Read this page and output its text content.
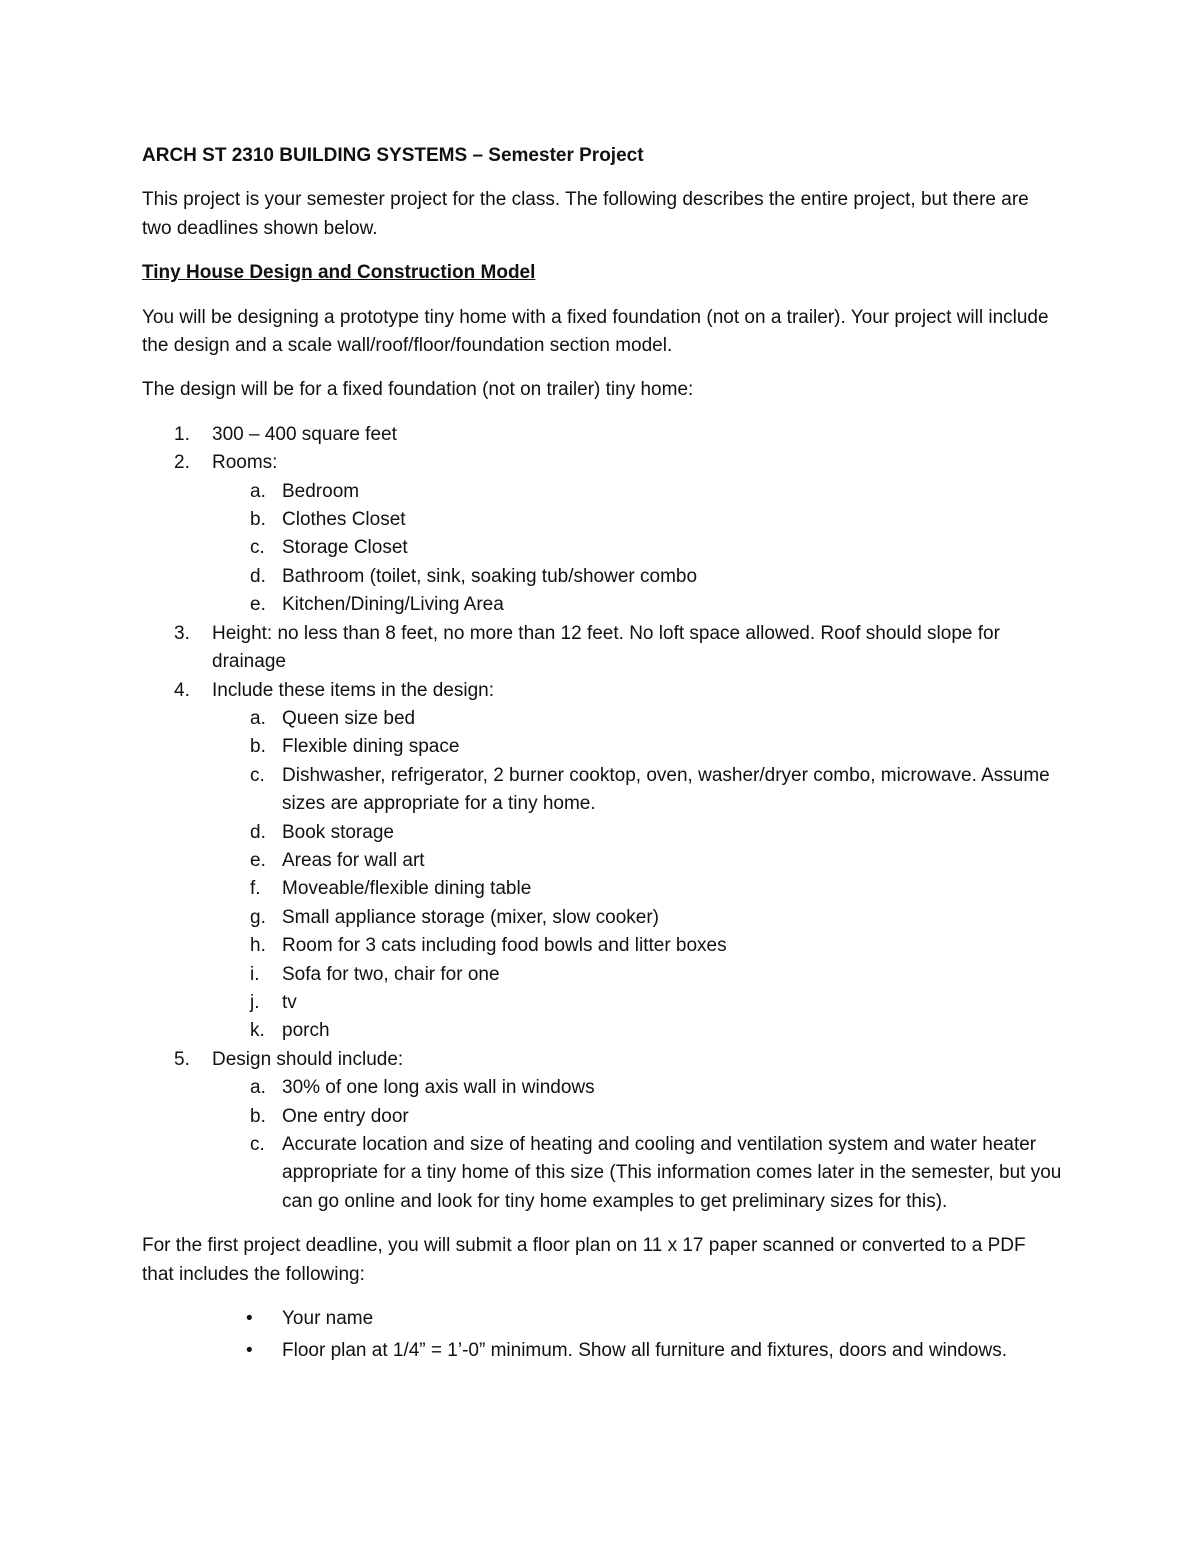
ARCH ST 2310 BUILDING SYSTEMS – Semester Project

This project is your semester project for the class. The following describes the entire project, but there are two deadlines shown below.

Tiny House Design and Construction Model

You will be designing a prototype tiny home with a fixed foundation (not on a trailer). Your project will include the design and a scale wall/roof/floor/foundation section model.

The design will be for a fixed foundation (not on trailer) tiny home:

1. 300 – 400 square feet
2. Rooms:
a. Bedroom
b. Clothes Closet
c. Storage Closet
d. Bathroom (toilet, sink, soaking tub/shower combo
e. Kitchen/Dining/Living Area
3. Height: no less than 8 feet, no more than 12 feet. No loft space allowed. Roof should slope for drainage
4. Include these items in the design:
a. Queen size bed
b. Flexible dining space
c. Dishwasher, refrigerator, 2 burner cooktop, oven, washer/dryer combo, microwave. Assume sizes are appropriate for a tiny home.
d. Book storage
e. Areas for wall art
f. Moveable/flexible dining table
g. Small appliance storage (mixer, slow cooker)
h. Room for 3 cats including food bowls and litter boxes
i. Sofa for two, chair for one
j. tv
k. porch
5. Design should include:
a. 30% of one long axis wall in windows
b. One entry door
c. Accurate location and size of heating and cooling and ventilation system and water heater appropriate for a tiny home of this size (This information comes later in the semester, but you can go online and look for tiny home examples to get preliminary sizes for this).

For the first project deadline, you will submit a floor plan on 11 x 17 paper scanned or converted to a PDF that includes the following:

• Your name
• Floor plan at 1/4” = 1’-0” minimum. Show all furniture and fixtures, doors and windows.
